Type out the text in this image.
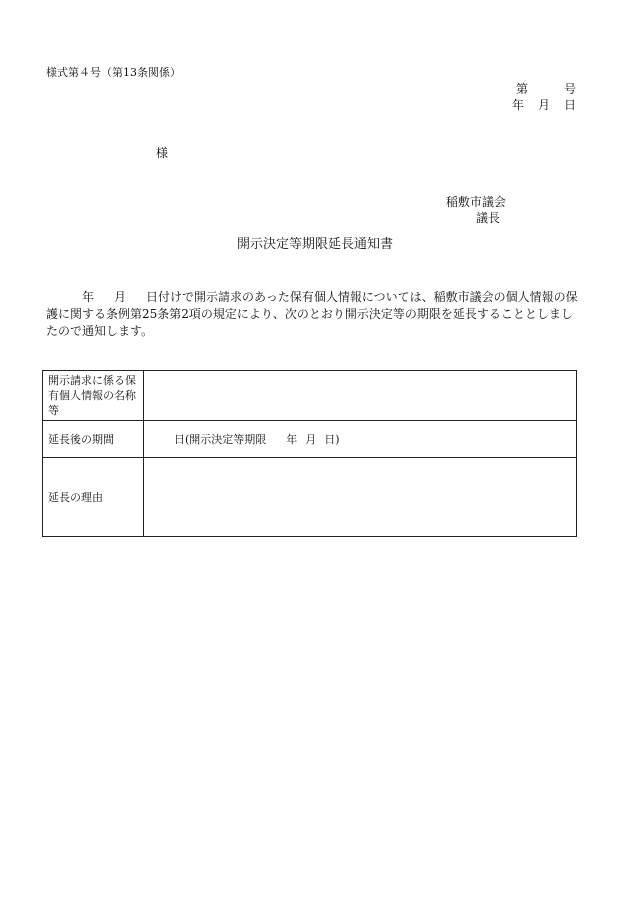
様式第４号（第13条関係）
第	号
年 月 日
様
稲敷市議会
議長
開示決定等期限延長通知書

年 月 日付けで開示請求のあった保有個人情報については、稲敷市議会の個人情報の保護に関する条例第25条第2項の規定により、次のとおり開示決定等の期限を延長することとしましたので通知します。

開示請求に係る保有個人情報の名称等	
延長後の期間	日(開示決定等期限 年 月 日)
延長の理由	
